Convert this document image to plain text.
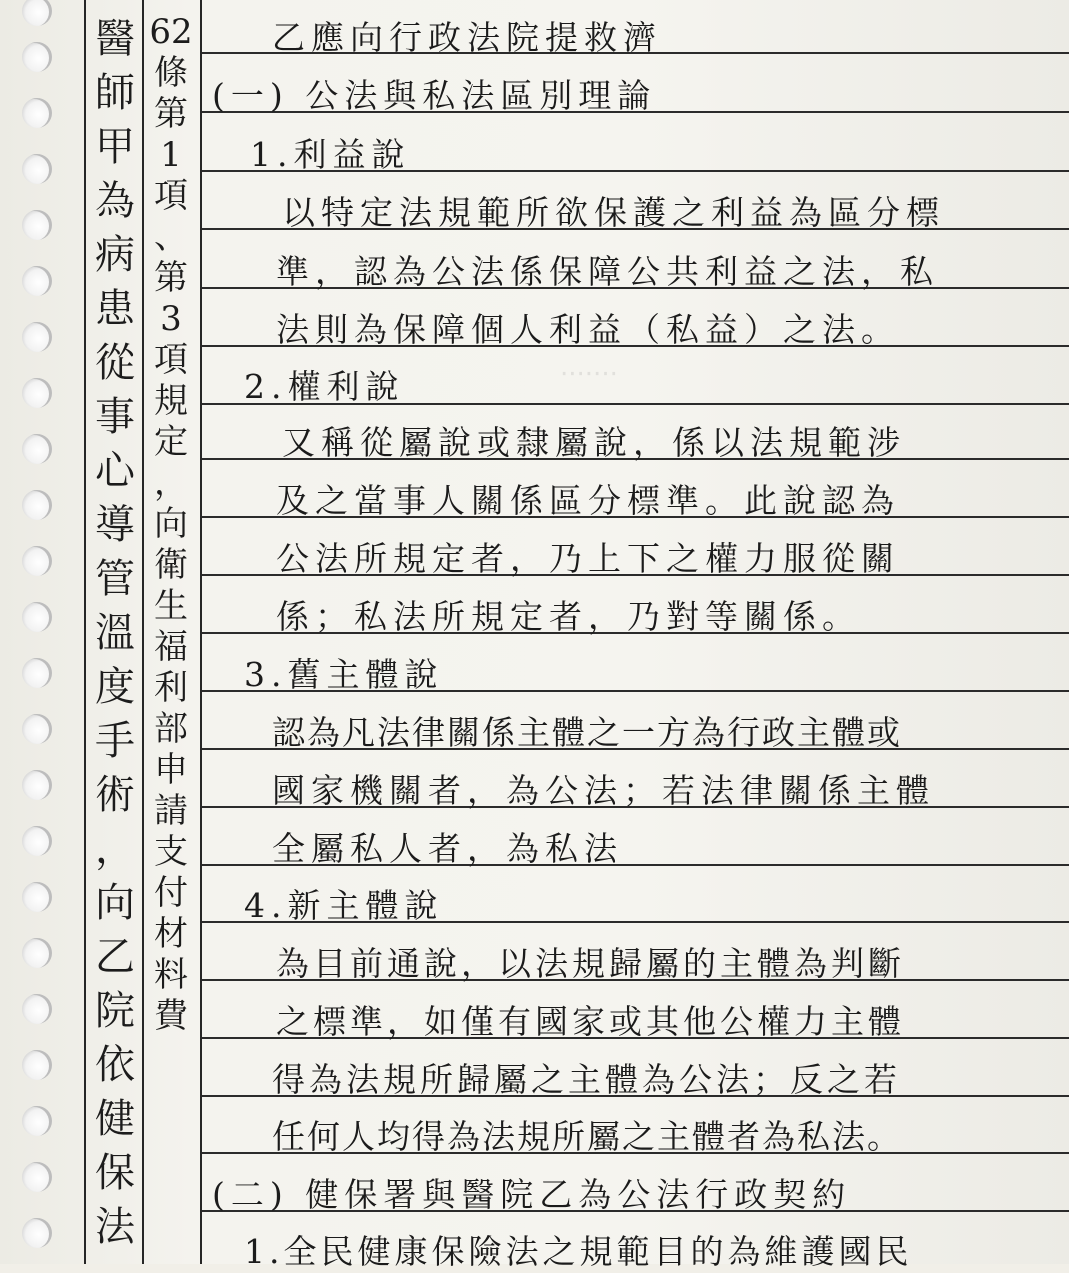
‧‧‧‧‧‧‧
醫
師
甲
為
病
患
從
事
心
導
管
溫
度
手
術
，
向
乙
院
依
健
保
法
62
條
第
1
項
、
第
3
項
規
定
，
向
衛
生
福
利
部
申
請
支
付
材
料
費
乙應向行政法院提救濟
(一) 公法與私法區別理論
1.利益說
以特定法規範所欲保護之利益為區分標
準，認為公法係保障公共利益之法，私
法則為保障個人利益（私益）之法。
2.權利說
又稱從屬說或隸屬說，係以法規範涉
及之當事人關係區分標準。此說認為
公法所規定者，乃上下之權力服從關
係；私法所規定者，乃對等關係。
3.舊主體說
認為凡法律關係主體之一方為行政主體或
國家機關者，為公法；若法律關係主體
全屬私人者，為私法
4.新主體說
為目前通說，以法規歸屬的主體為判斷
之標準，如僅有國家或其他公權力主體
得為法規所歸屬之主體為公法；反之若
任何人均得為法規所屬之主體者為私法。
(二) 健保署與醫院乙為公法行政契約
1.全民健康保險法之規範目的為維護國民
